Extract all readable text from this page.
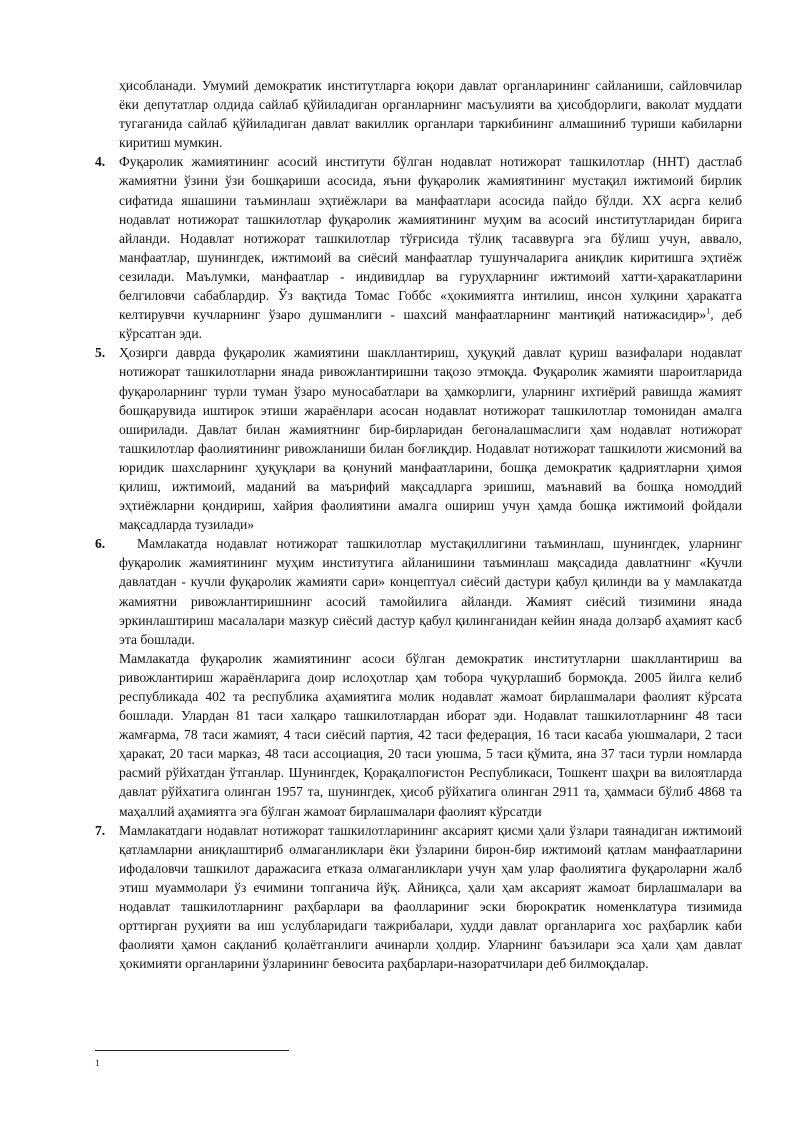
ҳисобланади. Умумий демократик институтларга юқори давлат органларининг сайланиши, сайловчилар ёки депутатлар олдида сайлаб қўйиладиган органларнинг масъулияти ва ҳисобдорлиги, ваколат муддати тугаганида сайлаб қўйиладиган давлат вакиллик органлари таркибининг алмашиниб туриши кабиларни киритиш мумкин.

4. Фуқаролик жамиятининг асосий институти бўлган нодавлат нотижорат ташкилотлар (ННТ) дастлаб жамиятни ўзини ўзи бошқариши асосида, яъни фуқаролик жамиятининг мустақил ижтимоий бирлик сифатида яшашини таъминлаш эҳтиёжлари ва манфаатлари асосида пайдо бўлди. XX асрга келиб нодавлат нотижорат ташкилотлар фуқаролик жамиятининг муҳим ва асосий институтларидан бирига айланди. Нодавлат нотижорат ташкилотлар тўғрисида тўлиқ тасаввурга эга бўлиш учун, аввало, манфаатлар, шунингдек, ижтимоий ва сиёсий манфаатлар тушунчаларига аниқлик киритишга эҳтиёж сезилади. Маълумки, манфаатлар - индивидлар ва гуруҳларнинг ижтимоий хатти-ҳаракатларини белгиловчи сабаблардир. Ўз вақтида Томас Гоббс «ҳокимиятга интилиш, инсон хулқини ҳаракатга келтирувчи кучларнинг ўзаро душманлиги - шахсий манфаатларнинг мантиқий натижасидир»$^1$, деб кўрсатган эди.

5. Ҳозирги даврда фуқаролик жамиятини шакллантириш, ҳуқуқий давлат қуриш вазифалари нодавлат нотижорат ташкилотларни янада ривожлантиришни тақозо этмоқда. Фуқаролик жамияти шароитларида фуқароларнинг турли туман ўзаро муносабатлари ва ҳамкорлиги, уларнинг ихтиёрий равишда жамият бошқарувида иштирок этиши жараёнлари асосан нодавлат нотижорат ташкилотлар томонидан амалга оширилади. Давлат билан жамиятнинг бир-бирларидан бегоналашмаслиги ҳам нодавлат нотижорат ташкилотлар фаолиятининг ривожланиши билан боғлиқдир. Нодавлат нотижорат ташкилоти жисмоний ва юридик шахсларнинг ҳуқуқлари ва қонуний манфаатларини, бошқа демократик қадриятларни ҳимоя қилиш, ижтимоий, маданий ва маърифий мақсадларга эришиш, маънавий ва бошқа номоддий эҳтиёжларни қондириш, хайрия фаолиятини амалга ошириш учун ҳамда бошқа ижтимоий фойдали мақсадларда тузилади»

6.	Мамлакатда нодавлат нотижорат ташкилотлар мустақиллигини таъминлаш, шунингдек, уларнинг фуқаролик жамиятининг муҳим институтига айланишини таъминлаш мақсадида давлатнинг «Кучли давлатдан - кучли фуқаролик жамияти сари» концептуал сиёсий дастури қабул қилинди ва у мамлакатда жамиятни ривожлантиришнинг асосий тамойилига айланди. Жамият сиёсий тизимини янада эркинлаштириш масалалари мазкур сиёсий дастур қабул қилинганидан кейин янада долзарб аҳамият касб эта бошлади.

Мамлакатда фуқаролик жамиятининг асоси бўлган демократик институтларни шакллантириш ва ривожлантириш жараёнларига доир ислоҳотлар ҳам тобора чуқурлашиб бормоқда. 2005 йилга келиб республикада 402 та республика аҳамиятига молик нодавлат жамоат бирлашмалари фаолият кўрсата бошлади. Улардан 81 таси халқаро ташкилотлардан иборат эди. Нодавлат ташкилотларнинг 48 таси жамғарма, 78 таси жамият, 4 таси сиёсий партия, 42 таси федерация, 16 таси касаба уюшмалари, 2 таси ҳаракат, 20 таси марказ, 48 таси ассоциация, 20 таси уюшма, 5 таси қўмита, яна 37 таси турли номларда расмий рўйхатдан ўтганлар. Шунингдек, Қорақалпоғистон Республикаси, Тошкент шаҳри ва вилоятларда давлат рўйхатига олинган 1957 та, шунингдек, ҳисоб рўйхатига олинган 2911 та, ҳаммаси бўлиб 4868 та маҳаллий аҳамиятга эга бўлган жамоат бирлашмалари фаолият кўрсатди

7. Мамлакатдаги нодавлат нотижорат ташкилотларининг аксарият қисми ҳали ўзлари таянадиган ижтимоий қатламларни аниқлаштириб олмаганликлари ёки ўзларини бирон-бир ижтимоий қатлам манфаатларини ифодаловчи ташкилот даражасига етказа олмаганликлари учун ҳам улар фаолиятига фуқароларни жалб этиш муаммолари ўз ечимини топганича йўқ. Айниқса, ҳали ҳам аксарият жамоат бирлашмалари ва нодавлат ташкилотларнинг раҳбарлари ва фаоллариниг эски бюрократик номенклатура тизимида орттирган руҳияти ва иш услубларидаги тажрибалари, худди давлат органларига хос раҳбарлик каби фаолияти ҳамон сақланиб қолаётганлиги ачинарли ҳолдир. Уларнинг баъзилари эса ҳали ҳам давлат ҳокимияти органларини ўзларининг бевосита раҳбарлари-назоратчилари деб билмоқдалар.

1
